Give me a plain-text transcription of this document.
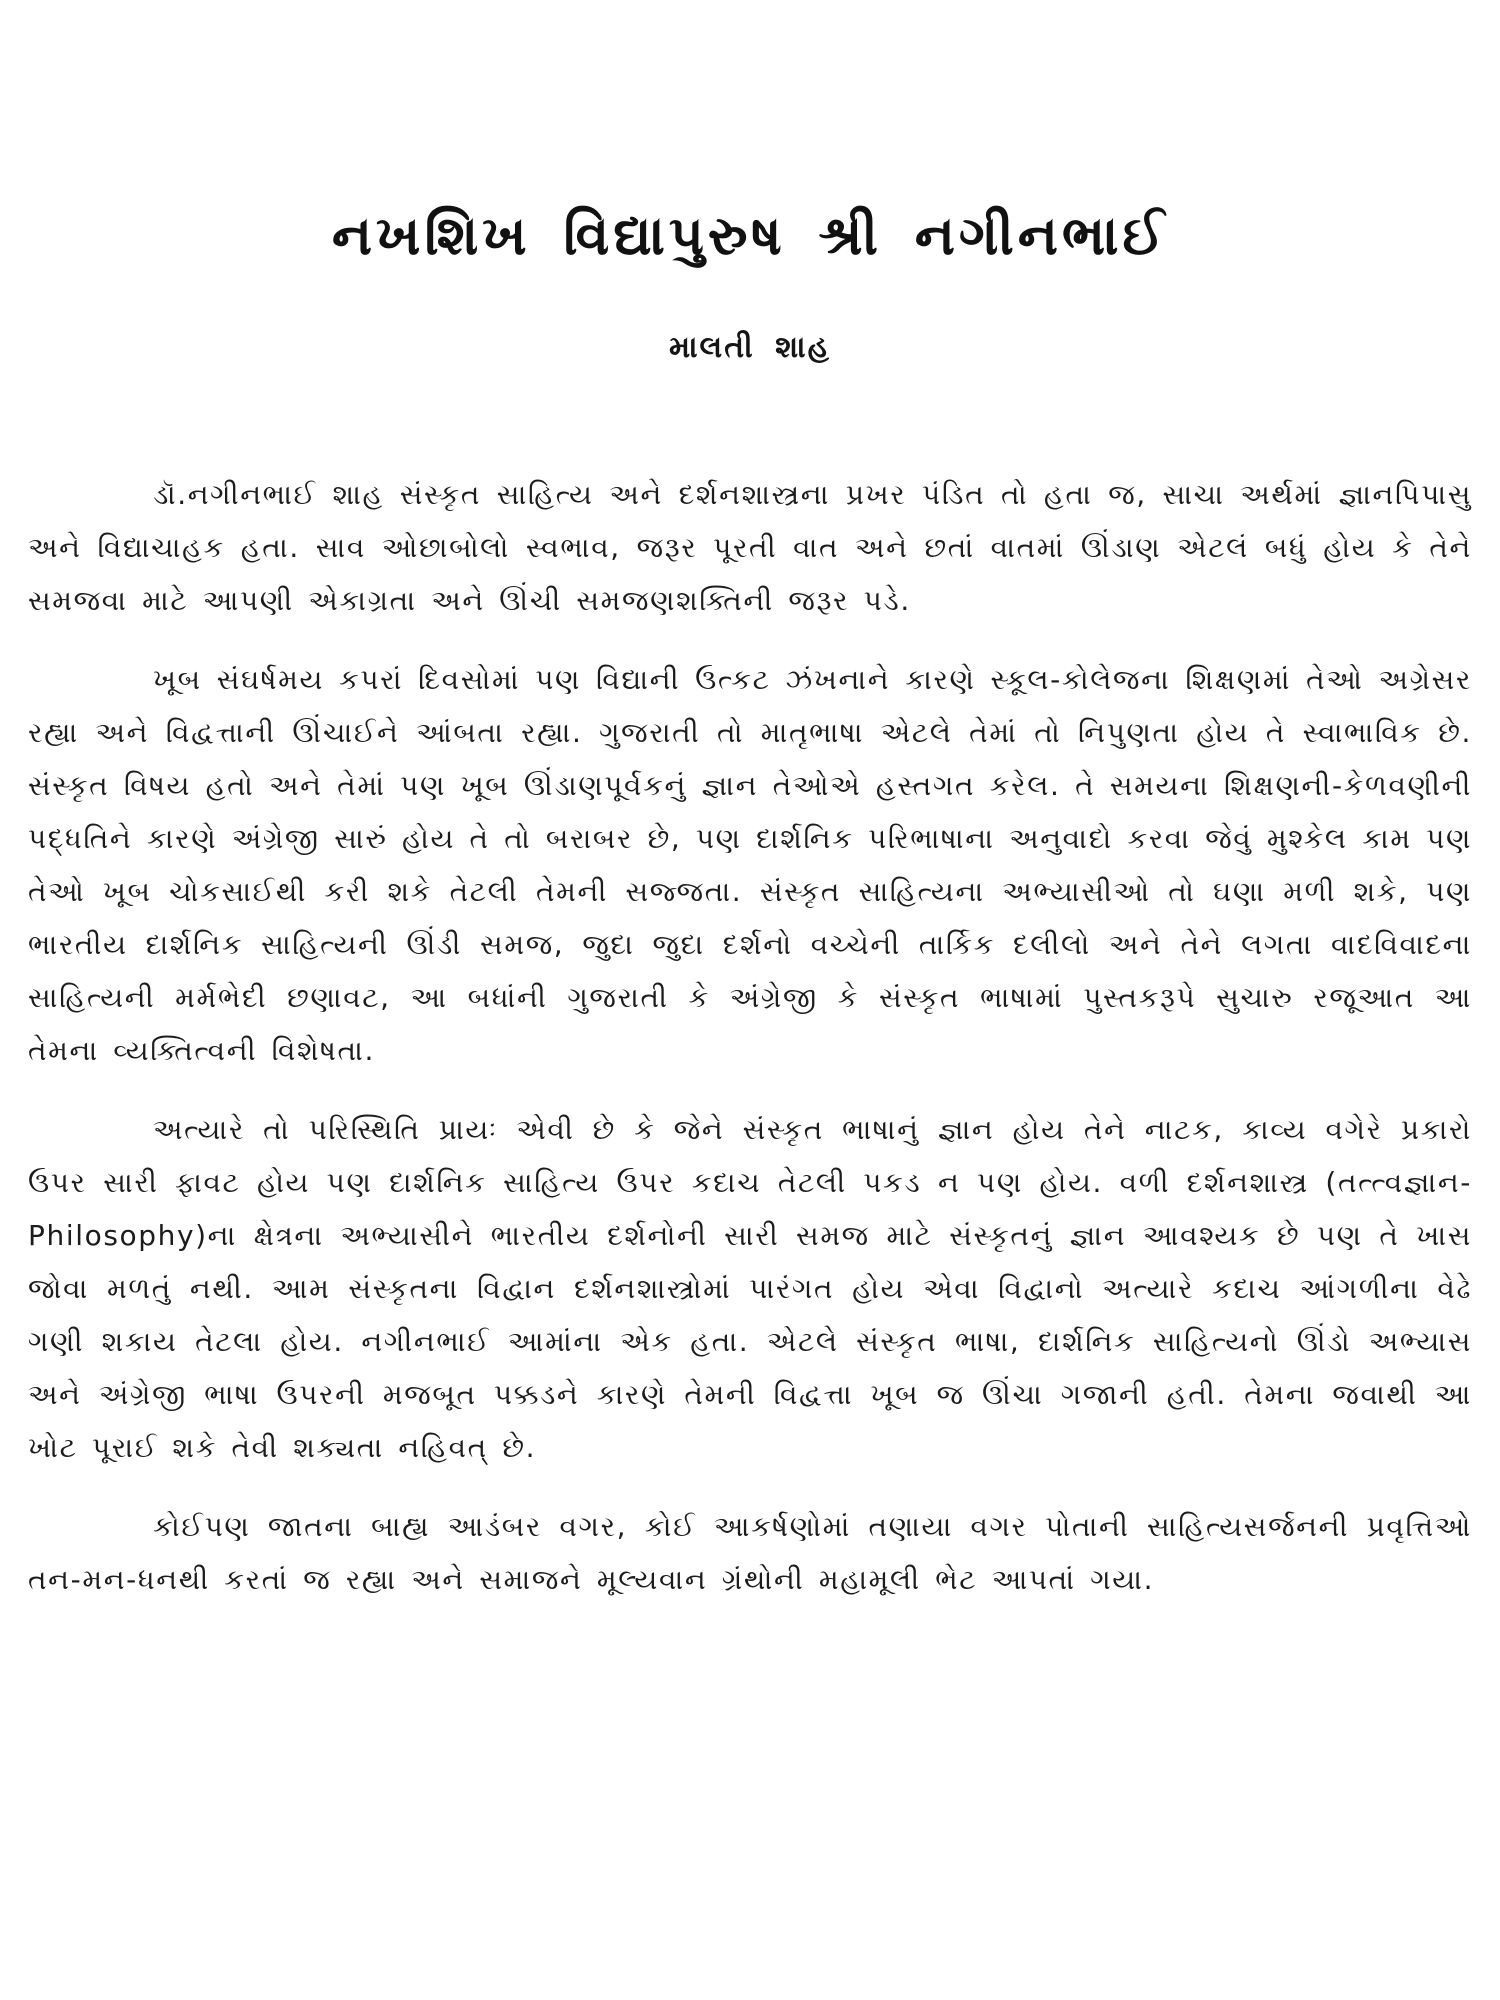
નખશિખ વિદ્યાપુરુષ શ્રી નગીનભાઈ
માલતી શાહ

ડૉ.નગીનભાઈ શાહ સંસ્કૃત સાહિત્ય અને દર્શનશાસ્ત્રના પ્રખર પંડિત તો હતા જ, સાચા અર્થમાં જ્ઞાનપિપાસુ અને વિદ્યાચાહક હતા. સાવ ઓછાબોલો સ્વભાવ, જરૂર પૂરતી વાત અને છતાં વાતમાં ઊંડાણ એટલં બધું હોય કે તેને સમજવા માટે આપણી એકાગ્રતા અને ઊંચી સમજણશક્તિની જરૂર પડે.

ખૂબ સંઘર્ષમય કપરાં દિવસોમાં પણ વિદ્યાની ઉત્કટ ઝંખનાને કારણે સ્કૂલ-કોલેજના શિક્ષણમાં તેઓ અગ્રેસર રહ્યા અને વિદ્વત્તાની ઊંચાઈને આંબતા રહ્યા. ગુજરાતી તો માતૃભાષા એટલે તેમાં તો નિપુણતા હોય તે સ્વાભાવિક છે. સંસ્કૃત વિષય હતો અને તેમાં પણ ખૂબ ઊંડાણપૂર્વકનું જ્ઞાન તેઓએ હસ્તગત કરેલ. તે સમયના શિક્ષણની-કેળવણીની પદ્ધતિને કારણે અંગ્રેજી સારું હોય તે તો બરાબર છે, પણ દાર્શનિક પરિભાષાના અનુવાદો કરવા જેવું મુશ્કેલ કામ પણ તેઓ ખૂબ ચોકસાઈથી કરી શકે તેટલી તેમની સજ્જતા. સંસ્કૃત સાહિત્યના અભ્યાસીઓ તો ઘણા મળી શકે, પણ ભારતીય દાર્શનિક સાહિત્યની ઊંડી સમજ, જુદા જુદા દર્શનો વચ્ચેની તાર્કિક દલીલો અને તેને લગતા વાદવિવાદના સાહિત્યની મર્મભેદી છણાવટ, આ બધાંની ગુજરાતી કે અંગ્રેજી કે સંસ્કૃત ભાષામાં પુસ્તકરૂપે સુચારુ રજૂઆત આ તેમના વ્યક્તિત્વની વિશેષતા.

અત્યારે તો પરિસ્થિતિ પ્રાયઃ એવી છે કે જેને સંસ્કૃત ભાષાનું જ્ઞાન હોય તેને નાટક, કાવ્ય વગેરે પ્રકારો ઉપર સારી ફાવટ હોય પણ દાર્શનિક સાહિત્ય ઉપર કદાચ તેટલી પકડ ન પણ હોય. વળી દર્શનશાસ્ત્ર (તત્ત્વજ્ઞાન-Philosophy)ના ક્ષેત્રના અભ્યાસીને ભારતીય દર્શનોની સારી સમજ માટે સંસ્કૃતનું જ્ઞાન આવશ્યક છે પણ તે ખાસ જોવા મળતું નથી. આમ સંસ્કૃતના વિદ્વાન દર્શનશાસ્ત્રોમાં પારંગત હોય એવા વિદ્વાનો અત્યારે કદાચ આંગળીના વેઢે ગણી શકાય તેટલા હોય. નગીનભાઈ આમાંના એક હતા. એટલે સંસ્કૃત ભાષા, દાર્શનિક સાહિત્યનો ઊંડો અભ્યાસ અને અંગ્રેજી ભાષા ઉપરની મજબૂત પક્કડને કારણે તેમની વિદ્વત્તા ખૂબ જ ઊંચા ગજાની હતી. તેમના જવાથી આ ખોટ પૂરાઈ શકે તેવી શક્યતા નહિવત્ છે.

કોઈપણ જાતના બાહ્ય આડંબર વગર, કોઈ આકર્ષણોમાં તણાયા વગર પોતાની સાહિત્યસર્જનની પ્રવૃત્તિઓ તન-મન-ધનથી કરતાં જ રહ્યા અને સમાજને મૂલ્યવાન ગ્રંથોની મહામૂલી ભેટ આપતાં ગયા.
